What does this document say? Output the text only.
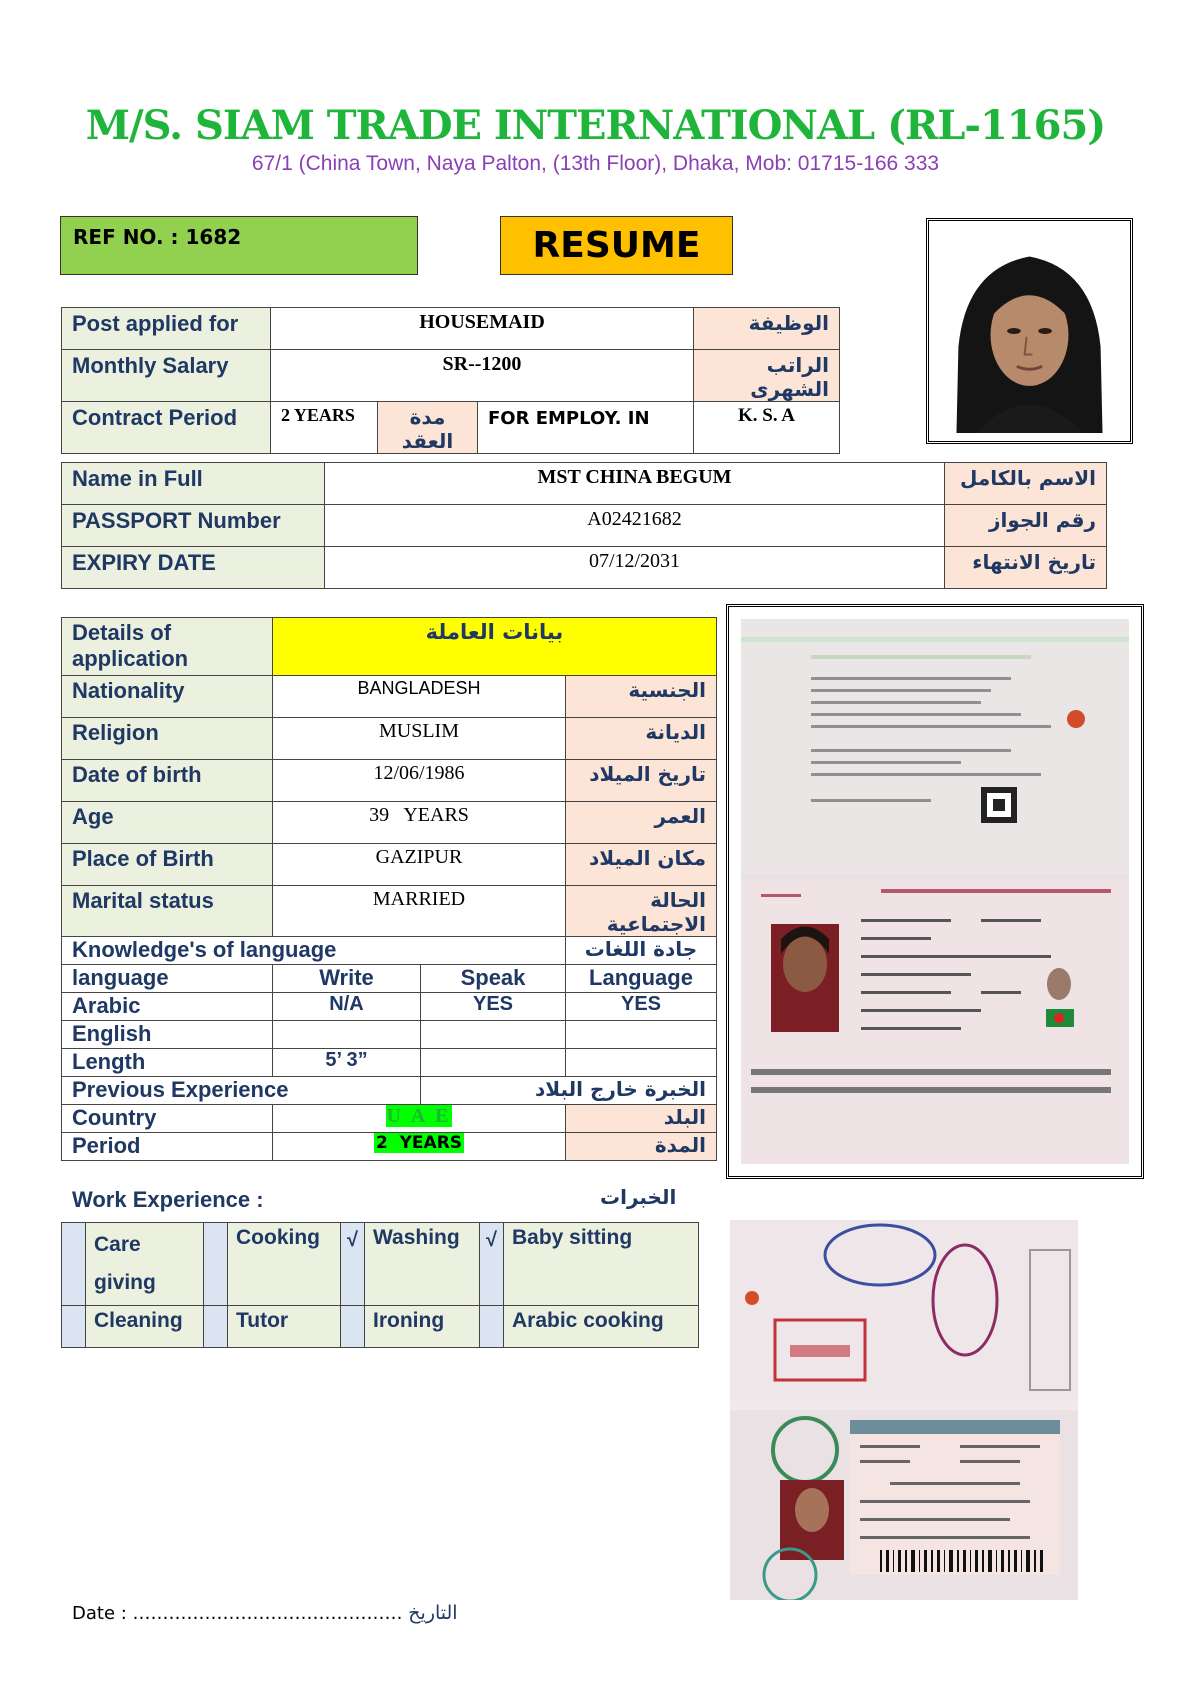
M/S. SIAM TRADE INTERNATIONAL (RL-1165)
67/1 (China Town, Naya Palton, (13th Floor), Dhaka, Mob: 01715-166 333
REF NO. : 1682	RESUME
Post applied for	HOUSEMAID			الوظيفة
Monthly Salary	SR--1200			الراتب الشهرى
Contract Period	2 YEARS	مدة العقد	FOR EMPLOY. IN	K. S. A
Name in Full	MST CHINA BEGUM	الاسم بالكامل
PASSPORT Number	A02421682	رقم الجواز
EXPIRY DATE	07/12/2031	تاريخ الانتهاء
Details of application	بيانات العاملة		
Nationality	BANGLADESH		الجنسية
Religion	MUSLIM		الديانة
Date of birth	12/06/1986		تاريخ الميلاد
Age	39   YEARS		العمر
Place of Birth	GAZIPUR		مكان الميلاد
Marital status	MARRIED		الحالة الاجتماعية
Knowledge's of language			جادة اللغات
language	Write	Speak	Language
Arabic	N/A	YES	YES
English			
Length	5’ 3”		
Previous Experience		الخبرة خارج البلاد	
Country	U A E		البلد
Period	2  YEARS		المدة
Work Experience :	الخبرات
	Care giving		Cooking	√	Washing	√	Baby sitting
	Cleaning		Tutor		Ironing		Arabic cooking
Date : ……………………………………… التاريخ
